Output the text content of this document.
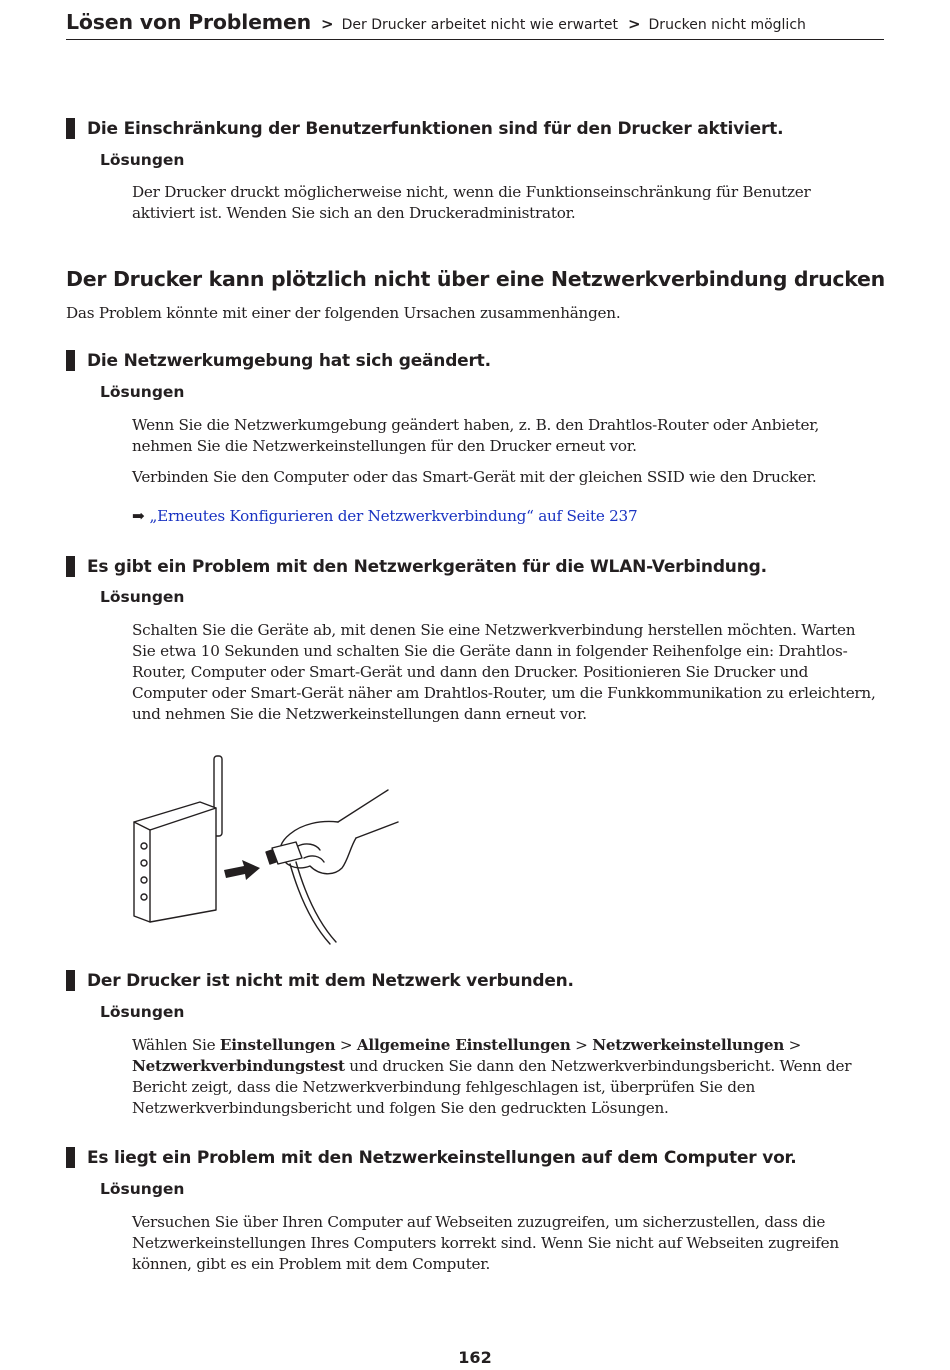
Lösen von Problemen > Der Drucker arbeitet nicht wie erwartet > Drucken nicht möglich
Die Einschränkung der Benutzerfunktionen sind für den Drucker aktiviert.
Lösungen
Der Drucker druckt möglicherweise nicht, wenn die Funktionseinschränkung für Benutzer aktiviert ist. Wenden Sie sich an den Druckeradministrator.
Der Drucker kann plötzlich nicht über eine Netzwerkverbindung drucken
Das Problem könnte mit einer der folgenden Ursachen zusammenhängen.
Die Netzwerkumgebung hat sich geändert.
Lösungen
Wenn Sie die Netzwerkumgebung geändert haben, z. B. den Drahtlos-Router oder Anbieter, nehmen Sie die Netzwerkeinstellungen für den Drucker erneut vor.
Verbinden Sie den Computer oder das Smart-Gerät mit der gleichen SSID wie den Drucker.
➡ „Erneutes Konfigurieren der Netzwerkverbindung“ auf Seite 237
Es gibt ein Problem mit den Netzwerkgeräten für die WLAN-Verbindung.
Lösungen
Schalten Sie die Geräte ab, mit denen Sie eine Netzwerkverbindung herstellen möchten. Warten Sie etwa 10 Sekunden und schalten Sie die Geräte dann in folgender Reihenfolge ein: Drahtlos-Router, Computer oder Smart-Gerät und dann den Drucker. Positionieren Sie Drucker und Computer oder Smart-Gerät näher am Drahtlos-Router, um die Funkkommunikation zu erleichtern, und nehmen Sie die Netzwerkeinstellungen dann erneut vor.
Der Drucker ist nicht mit dem Netzwerk verbunden.
Lösungen
Wählen Sie Einstellungen > Allgemeine Einstellungen > Netzwerkeinstellungen > Netzwerkverbindungstest und drucken Sie dann den Netzwerkverbindungsbericht. Wenn der Bericht zeigt, dass die Netzwerkverbindung fehlgeschlagen ist, überprüfen Sie den Netzwerkverbindungsbericht und folgen Sie den gedruckten Lösungen.
Es liegt ein Problem mit den Netzwerkeinstellungen auf dem Computer vor.
Lösungen
Versuchen Sie über Ihren Computer auf Webseiten zuzugreifen, um sicherzustellen, dass die Netzwerkeinstellungen Ihres Computers korrekt sind. Wenn Sie nicht auf Webseiten zugreifen können, gibt es ein Problem mit dem Computer.
162
